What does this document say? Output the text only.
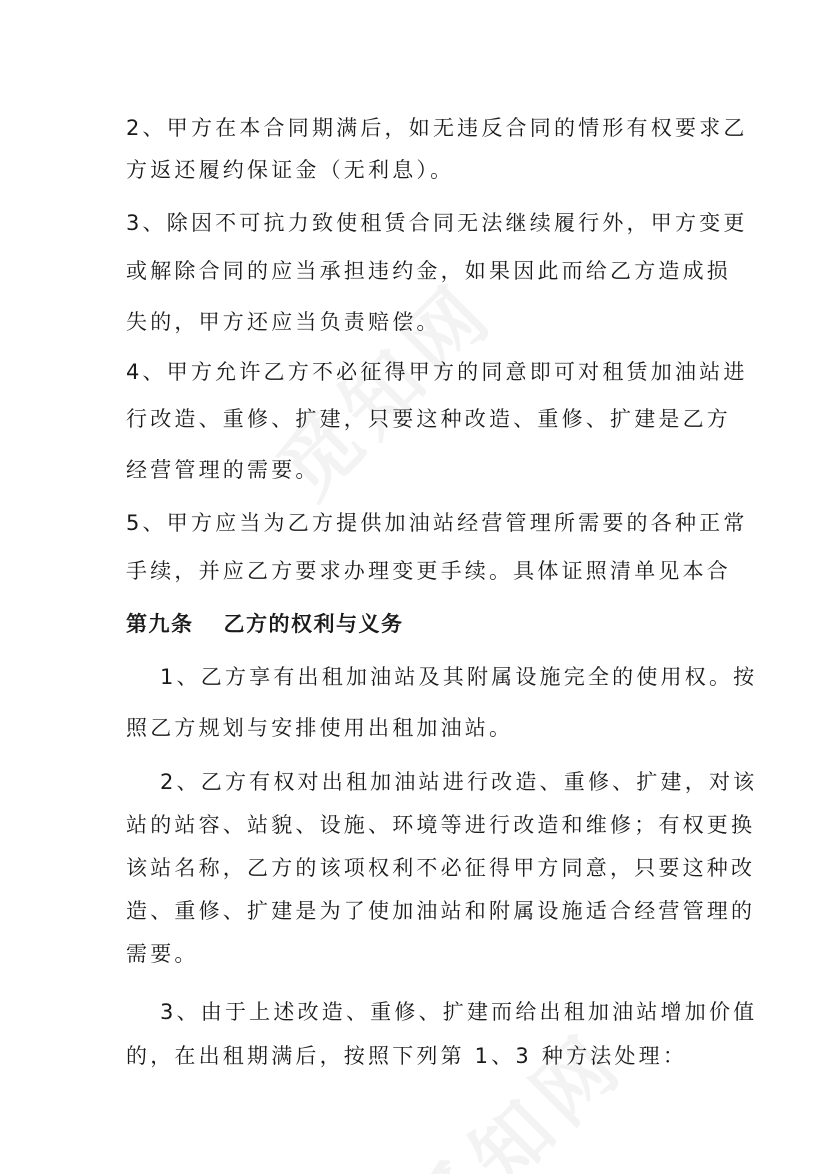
2、甲方在本合同期满后，如无违反合同的情形有权要求乙
方返还履约保证金（无利息）。
3、除因不可抗力致使租赁合同无法继续履行外，甲方变更
或解除合同的应当承担违约金，如果因此而给乙方造成损
失的，甲方还应当负责赔偿。
4、甲方允许乙方不必征得甲方的同意即可对租赁加油站进
行改造、重修、扩建，只要这种改造、重修、扩建是乙方
经营管理的需要。
5、甲方应当为乙方提供加油站经营管理所需要的各种正常
手续，并应乙方要求办理变更手续。具体证照清单见本合
第九条 乙方的权利与义务
1、乙方享有出租加油站及其附属设施完全的使用权。按
照乙方规划与安排使用出租加油站。
2、乙方有权对出租加油站进行改造、重修、扩建，对该
站的站容、站貌、设施、环境等进行改造和维修；有权更换
该站名称，乙方的该项权利不必征得甲方同意，只要这种改
造、重修、扩建是为了使加油站和附属设施适合经营管理的
需要。
3、由于上述改造、重修、扩建而给出租加油站增加价值
的，在出租期满后，按照下列第 1、3 种方法处理：
